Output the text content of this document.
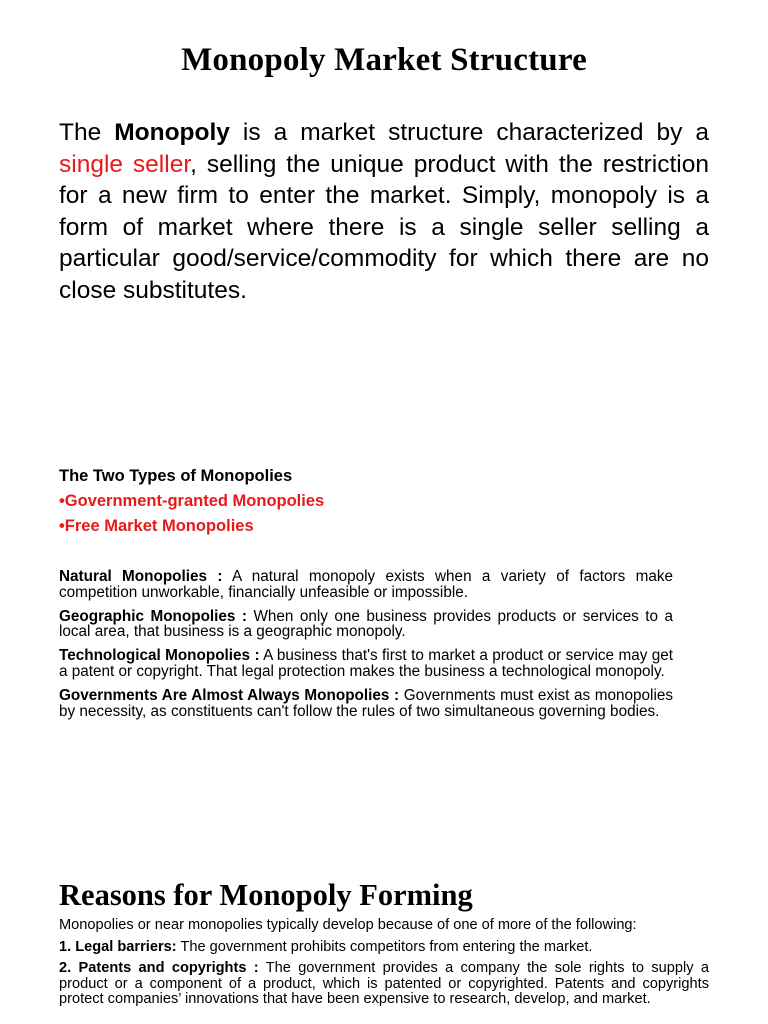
Monopoly Market Structure

The Monopoly is a market structure characterized by a single seller, selling the unique product with the restriction for a new firm to enter the market. Simply, monopoly is a form of market where there is a single seller selling a particular good/service/commodity for which there are no close substitutes.

The Two Types of Monopolies
•Government-granted Monopolies
•Free Market Monopolies

Natural Monopolies : A natural monopoly exists when a variety of factors make competition unworkable, financially unfeasible or impossible.

Geographic Monopolies : When only one business provides products or services to a local area, that business is a geographic monopoly.

Technological Monopolies : A business that's first to market a product or service may get a patent or copyright. That legal protection makes the business a technological monopoly.

Governments Are Almost Always Monopolies : Governments must exist as monopolies by necessity, as constituents can't follow the rules of two simultaneous governing bodies.

Reasons for Monopoly Forming

Monopolies or near monopolies typically develop because of one of more of the following:

1. Legal barriers: The government prohibits competitors from entering the market.

2. Patents and copyrights : The government provides a company the sole rights to supply a product or a component of a product, which is patented or copyrighted. Patents and copyrights protect companies’ innovations that have been expensive to research, develop, and market.
